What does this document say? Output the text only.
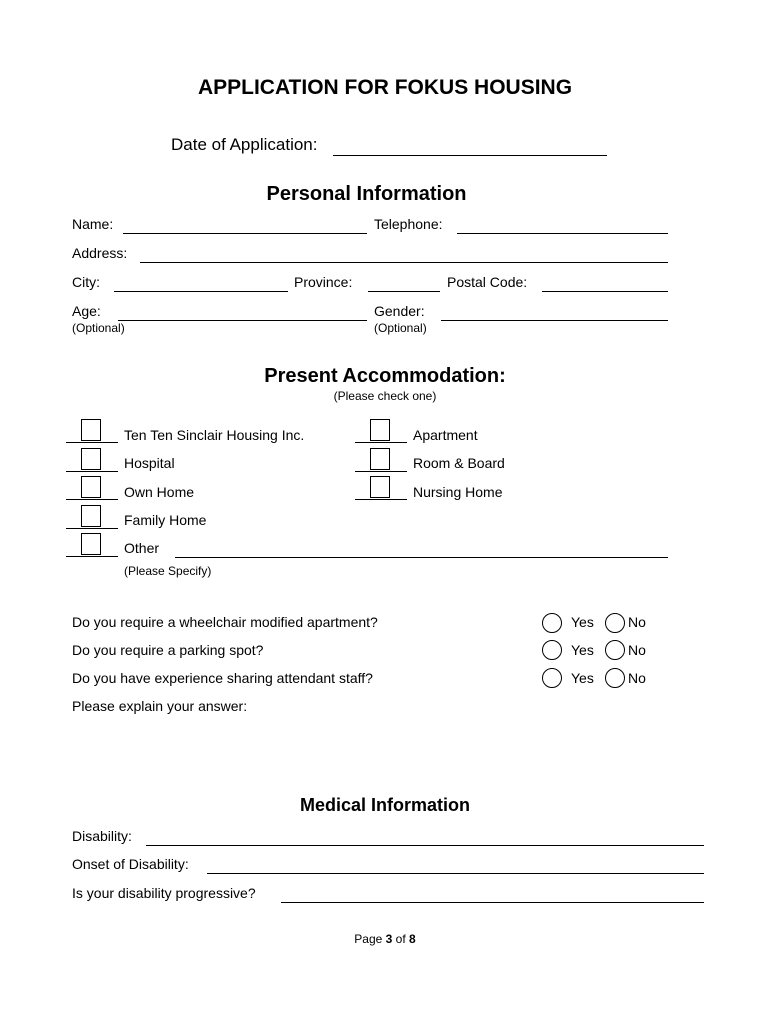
APPLICATION FOR FOKUS HOUSING
Date of Application:
Personal Information
Name:	Telephone:
Address:
City:	Province:	Postal Code:
Age:
(Optional)
Gender:
(Optional)
Present Accommodation:
(Please check one)
Ten Ten Sinclair Housing Inc.
Hospital
Own Home
Family Home
Other
(Please Specify)
Apartment
Room & Board
Nursing Home
Do you require a wheelchair modified apartment?	Yes No
Do you require a parking spot?	Yes No
Do you have experience sharing attendant staff?	Yes No
Please explain your answer:
Medical Information
Disability:
Onset of Disability:
Is your disability progressive?
Page 3 of 8
